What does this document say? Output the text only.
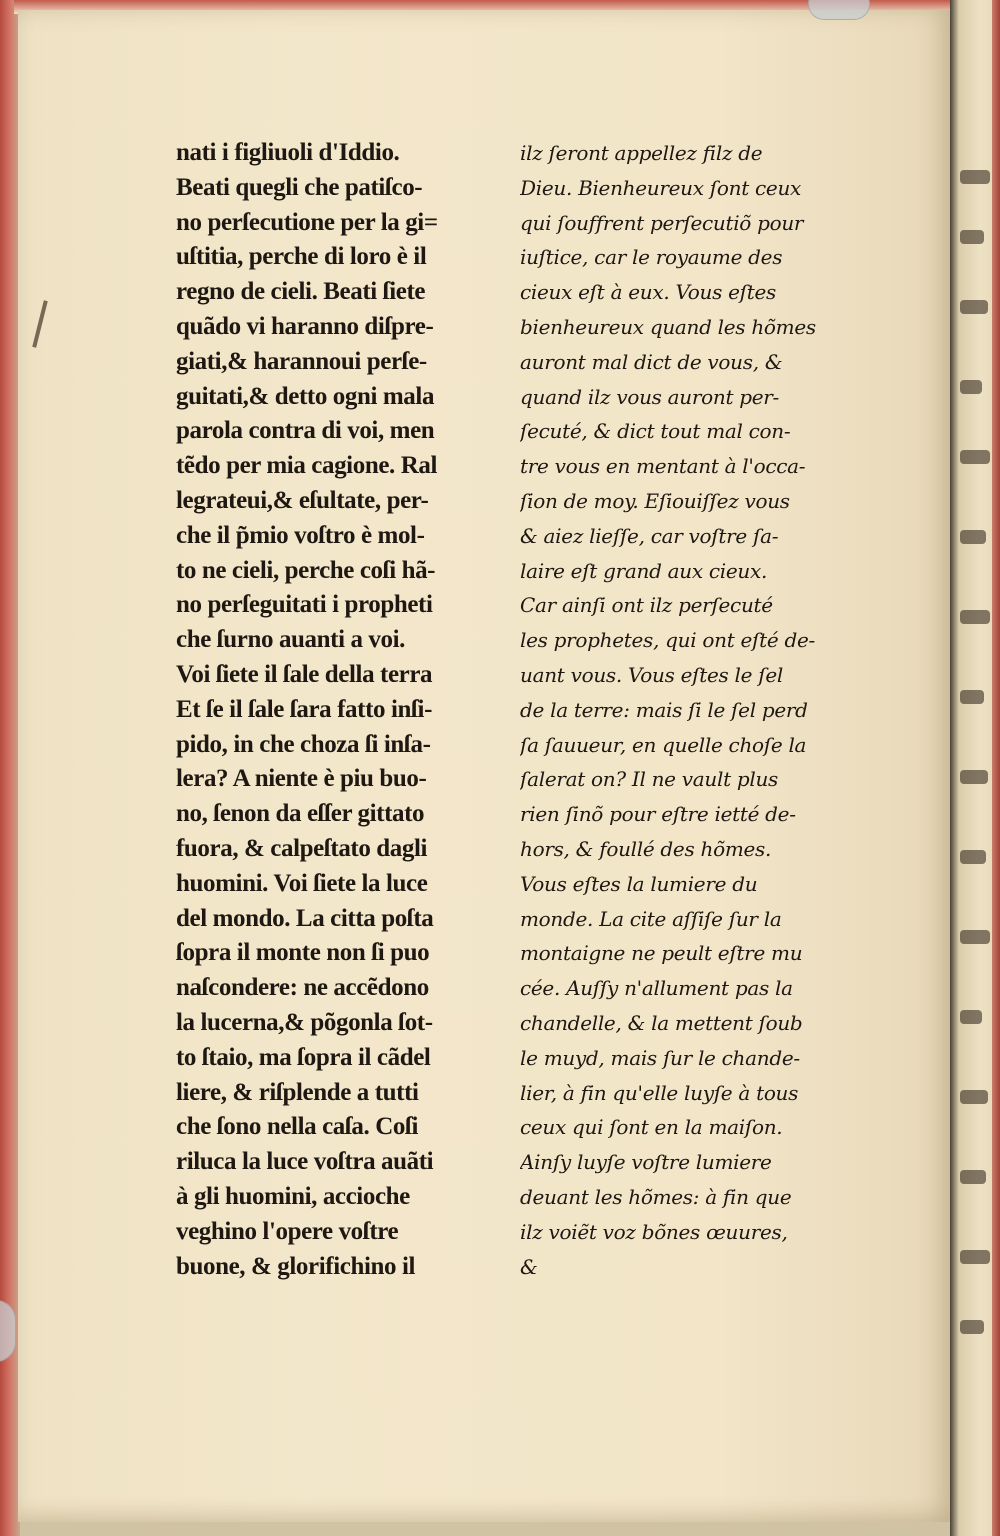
nati i figliuoli d'Iddio.
Beati quegli che patiſco-
no perſecutione per la gi=
uſtitia, perche di loro è il
regno de cieli. Beati ſiete
quãdo vi haranno diſpre-
giati,& harannoui perſe-
guitati,& detto ogni mala
parola contra di voi, men
tẽdo per mia cagione. Ral
legrateui,& eſultate, per-
che il p̃mio voſtro è mol-
to ne cieli, perche coſi hã-
no perſeguitati i propheti
che ſurno auanti a voi.
Voi ſiete il ſale della terra
Et ſe il ſale ſara fatto inſi-
pido, in che choza ſi inſa-
lera? A niente è piu buo-
no, ſenon da eſſer gittato
fuora, & calpeſtato dagli
huomini. Voi ſiete la luce
del mondo. La citta poſta
ſopra il monte non ſi puo
naſcondere: ne accẽdono
la lucerna,& põgonla ſot-
to ſtaio, ma ſopra il cãdel
liere, & riſplende a tutti
che ſono nella caſa. Coſi
riluca la luce voſtra auãti
à gli huomini, accioche
veghino l'opere voſtre
buone, & glorifichino il
ilz ſeront appellez filz de
Dieu. Bienheureux ſont ceux
qui ſouffrent perſecutiõ pour
iuſtice, car le royaume des
cieux eſt à eux. Vous eſtes
bienheureux quand les hõmes
auront mal dict de vous, &
quand ilz vous auront per-
ſecuté, & dict tout mal con-
tre vous en mentant à l'occa-
ſion de moy. Eſiouiſſez vous
& aiez lieſſe, car voſtre ſa-
laire eſt grand aux cieux.
Car ainſi ont ilz perſecuté
les prophetes, qui ont eſté de-
uant vous. Vous eſtes le ſel
de la terre: mais ſi le ſel perd
ſa ſauueur, en quelle choſe la
ſalerat on? Il ne vault plus
rien ſinõ pour eſtre ietté de-
hors, & foullé des hõmes.
Vous eſtes la lumiere du
monde. La cite aſſiſe ſur la
montaigne ne peult eſtre mu
cée. Auſſy n'allument pas la
chandelle, & la mettent ſoub
le muyd, mais ſur le chande-
lier, à fin qu'elle luyſe à tous
ceux qui ſont en la maiſon.
Ainſy luyſe voſtre lumiere
deuant les hõmes: à fin que
ilz voiẽt voz bõnes œuures,
&
